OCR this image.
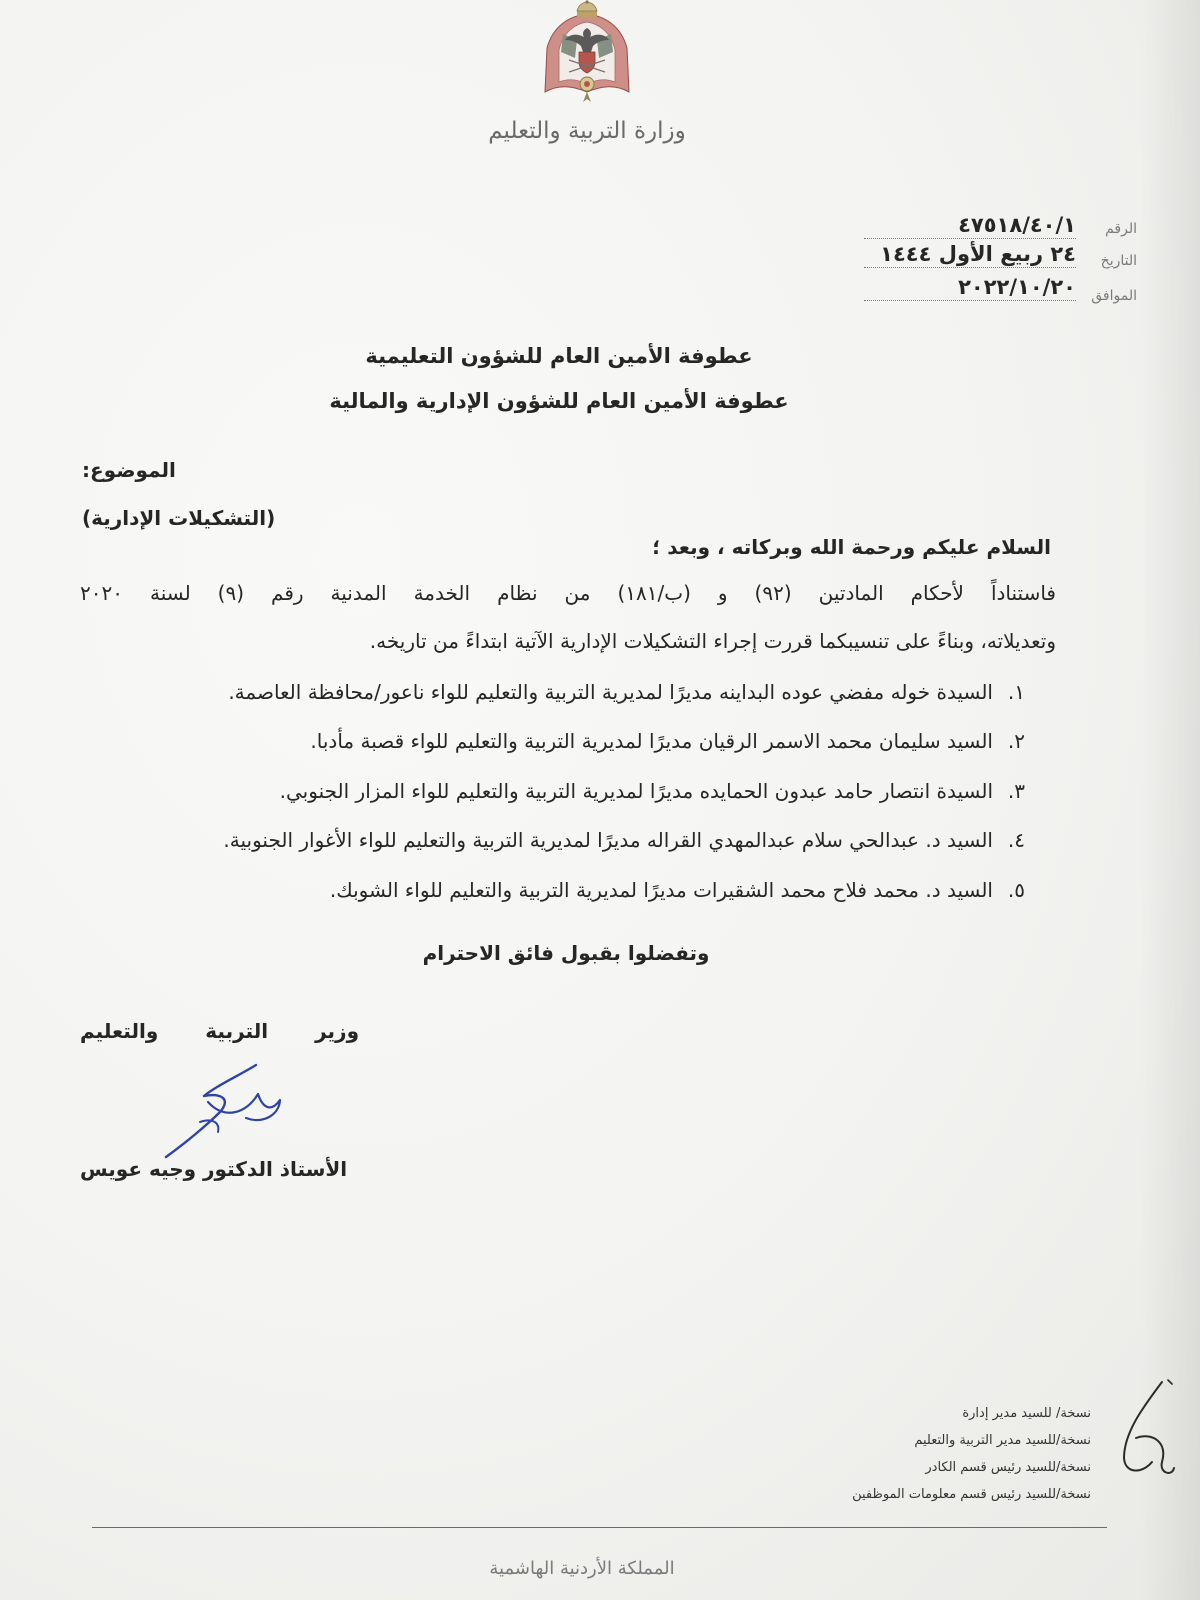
وزارة التربية والتعليم
٤٧٥١٨/٤٠/١ الرقم
٢٤ ربيع الأول ١٤٤٤ التاريخ
٢٠٢٢/١٠/٢٠ الموافق
عطوفة الأمين العام للشؤون التعليمية
عطوفة الأمين العام للشؤون الإدارية والمالية
الموضوع:
(التشكيلات الإدارية)
السلام عليكم ورحمة الله وبركاته ، وبعد ؛
فاستناداً لأحكام المادتين (٩٢) و (ب/١٨١) من نظام الخدمة المدنية رقم (٩) لسنة ٢٠٢٠
وتعديلاته، وبناءً على تنسيبكما قررت إجراء التشكيلات الإدارية الآتية ابتداءً من تاريخه.
١.
السيدة خوله مفضي عوده البداينه مديرًا لمديرية التربية والتعليم للواء ناعور/محافظة العاصمة.
٢.
السيد سليمان محمد الاسمر الرقيان مديرًا لمديرية التربية والتعليم للواء قصبة مأدبا.
٣.
السيدة انتصار حامد عبدون الحمايده مديرًا لمديرية التربية والتعليم للواء المزار الجنوبي.
٤.
السيد د. عبدالحي سلام عبدالمهدي القراله مديرًا لمديرية التربية والتعليم للواء الأغوار الجنوبية.
٥.
السيد د. محمد فلاح محمد الشقيرات مديرًا لمديرية التربية والتعليم للواء الشوبك.
وتفضلوا بقبول فائق الاحترام
وزير التربية والتعليم
الأستاذ الدكتور وجيه عويس
نسخة/ للسيد مدير إدارة
نسخة/للسيد مدير التربية والتعليم
نسخة/للسيد رئيس قسم الكادر
نسخة/للسيد رئيس قسم معلومات الموظفين
المملكة الأردنية الهاشمية
